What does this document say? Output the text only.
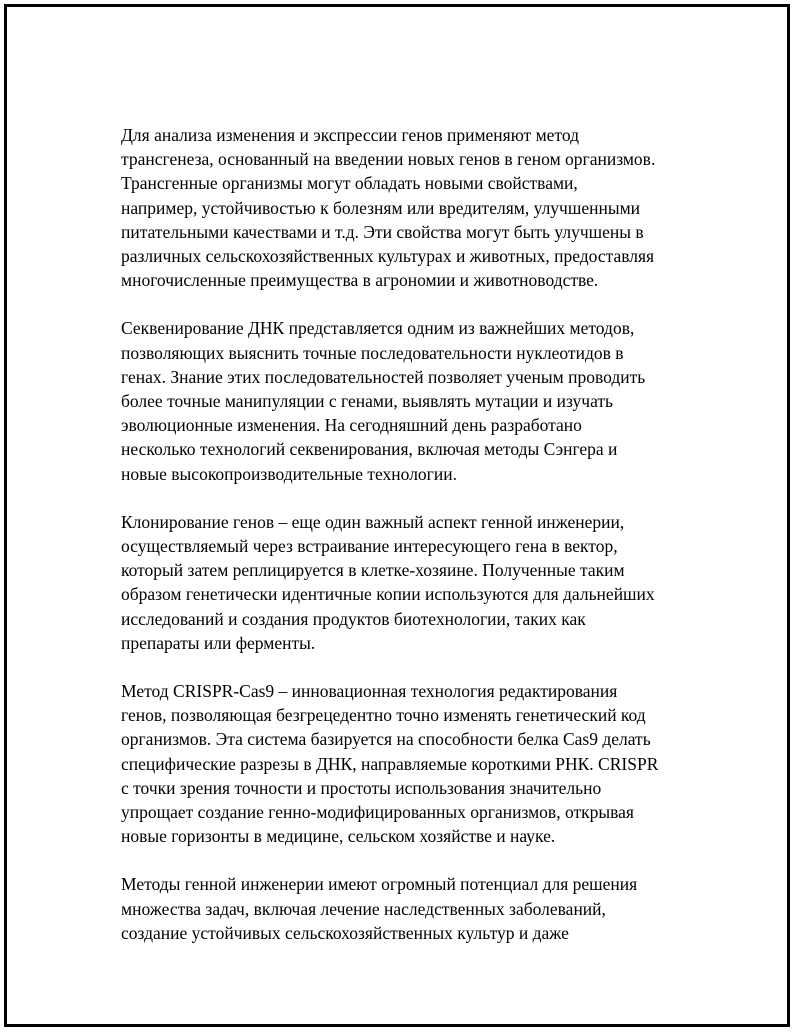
Для анализа изменения и экспрессии генов применяют метод
трансгенеза, основанный на введении новых генов в геном организмов.
Трансгенные организмы могут обладать новыми свойствами,
например, устойчивостью к болезням или вредителям, улучшенными
питательными качествами и т.д. Эти свойства могут быть улучшены в
различных сельскохозяйственных культурах и животных, предоставляя
многочисленные преимущества в агрономии и животноводстве.

Секвенирование ДНК представляется одним из важнейших методов,
позволяющих выяснить точные последовательности нуклеотидов в
генах. Знание этих последовательностей позволяет ученым проводить
более точные манипуляции с генами, выявлять мутации и изучать
эволюционные изменения. На сегодняшний день разработано
несколько технологий секвенирования, включая методы Сэнгера и
новые высокопроизводительные технологии.

Клонирование генов – еще один важный аспект генной инженерии,
осуществляемый через встраивание интересующего гена в вектор,
который затем реплицируется в клетке-хозяине. Полученные таким
образом генетически идентичные копии используются для дальнейших
исследований и создания продуктов биотехнологии, таких как
препараты или ферменты.

Метод CRISPR-Cas9 – инновационная технология редактирования
генов, позволяющая безгрецедентно точно изменять генетический код
организмов. Эта система базируется на способности белка Cas9 делать
специфические разрезы в ДНК, направляемые короткими РНК. CRISPR
с точки зрения точности и простоты использования значительно
упрощает создание генно-модифицированных организмов, открывая
новые горизонты в медицине, сельском хозяйстве и науке.

Методы генной инженерии имеют огромный потенциал для решения
множества задач, включая лечение наследственных заболеваний,
создание устойчивых сельскохозяйственных культур и даже
